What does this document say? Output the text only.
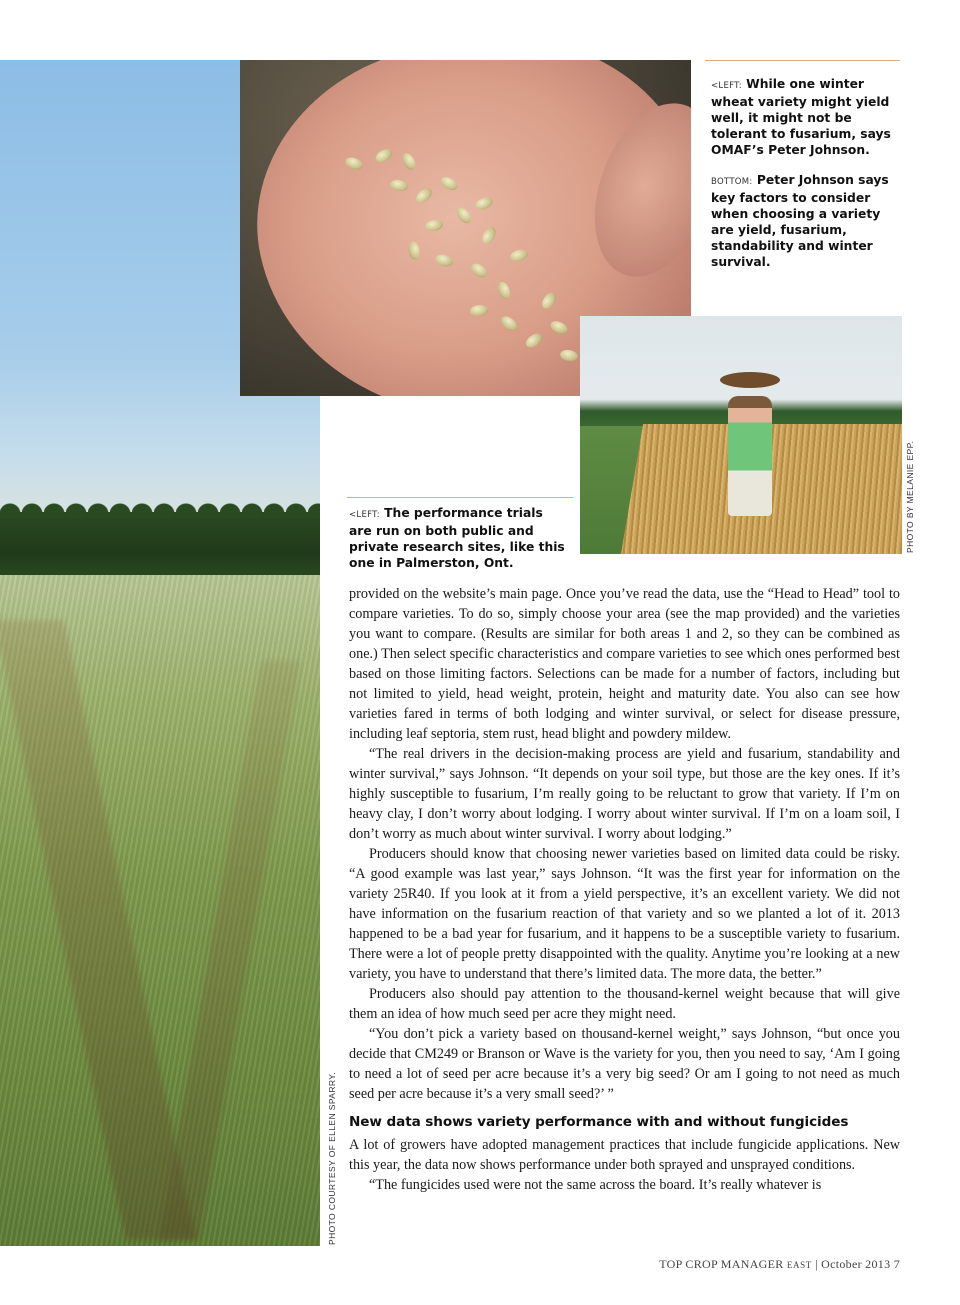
PHOTO COURTESY OF ELLEN SPARRY.
PHOTO BY MELANIE EPP.
<LEFT: While one winter wheat variety might yield well, it might not be tolerant to fusarium, says OMAF’s Peter Johnson.
BOTTOM: Peter Johnson says key factors to consider when choosing a variety are yield, fusarium, standability and winter survival.
<LEFT: The performance trials are run on both public and private research sites, like this one in Palmerston, Ont.

provided on the website’s main page. Once you’ve read the data, use the “Head to Head” tool to compare varieties. To do so, simply choose your area (see the map provided) and the varieties you want to compare. (Results are similar for both areas 1 and 2, so they can be combined as one.) Then select specific characteristics and compare varieties to see which ones performed best based on those limiting factors. Selections can be made for a number of factors, including but not limited to yield, head weight, protein, height and maturity date. You also can see how varieties fared in terms of both lodging and winter survival, or select for disease pressure, including leaf septoria, stem rust, head blight and powdery mildew.

“The real drivers in the decision-making process are yield and fusarium, standability and winter survival,” says Johnson. “It depends on your soil type, but those are the key ones. If it’s highly susceptible to fusarium, I’m really going to be reluctant to grow that variety. If I’m on heavy clay, I don’t worry about lodging. I worry about winter survival. If I’m on a loam soil, I don’t worry as much about winter survival. I worry about lodging.”

Producers should know that choosing newer varieties based on limited data could be risky. “A good example was last year,” says Johnson. “It was the first year for information on the variety 25R40. If you look at it from a yield perspective, it’s an excellent variety. We did not have information on the fusarium reaction of that variety and so we planted a lot of it. 2013 happened to be a bad year for fusarium, and it happens to be a susceptible variety to fusarium. There were a lot of people pretty disappointed with the quality. Anytime you’re looking at a new variety, you have to understand that there’s limited data. The more data, the better.”

Producers also should pay attention to the thousand-kernel weight because that will give them an idea of how much seed per acre they might need.

“You don’t pick a variety based on thousand-kernel weight,” says Johnson, “but once you decide that CM249 or Branson or Wave is the variety for you, then you need to say, ‘Am I going to need a lot of seed per acre because it’s a very big seed? Or am I going to not need as much seed per acre because it’s a very small seed?’ ”

New data shows variety performance with and without fungicides

A lot of growers have adopted management practices that include fungicide applications. New this year, the data now shows performance under both sprayed and unsprayed conditions.

“The fungicides used were not the same across the board. It’s really whatever is

TOP CROP MANAGER EAST | October 2013 7
